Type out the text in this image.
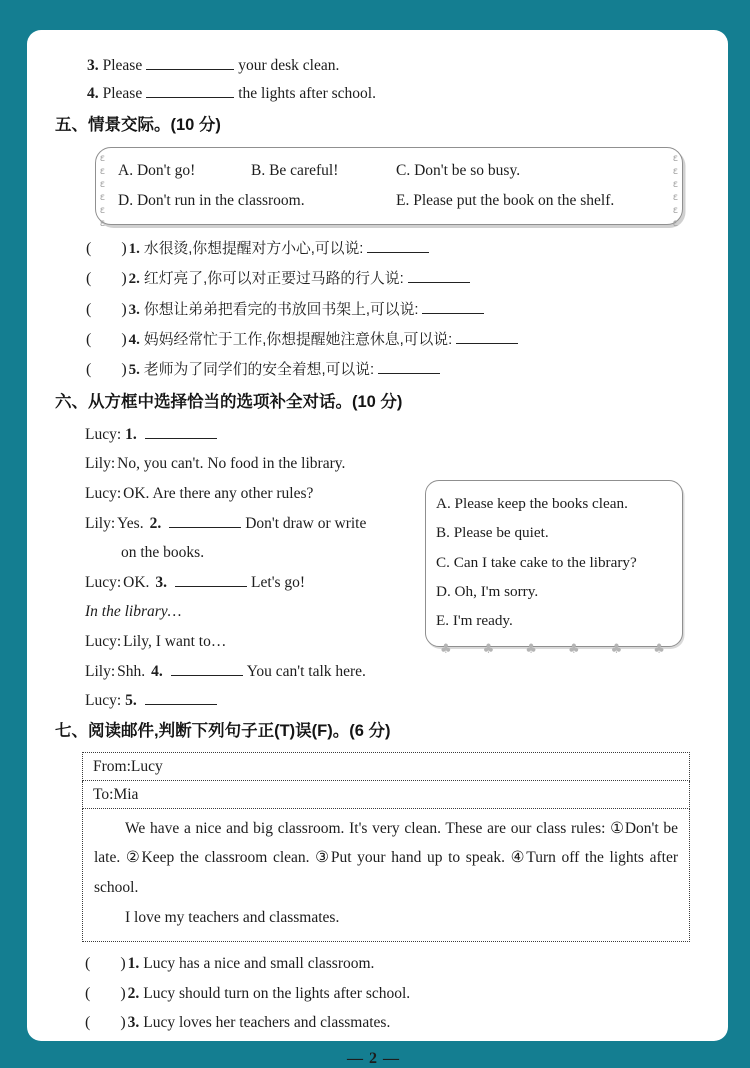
3. Please	your desk clean.
4. Please	the lights after school.
五、情景交际。(10 分)
εεεεεε	εεεεεε
A. Don't go!	B. Be careful!	C. Don't be so busy.
D. Don't run in the classroom.	E. Please put the book on the shelf.
( ) 1. 水很烫,你想提醒对方小心,可以说:
( ) 2. 红灯亮了,你可以对正要过马路的行人说:
( ) 3. 你想让弟弟把看完的书放回书架上,可以说:
( ) 4. 妈妈经常忙于工作,你想提醒她注意休息,可以说:
( ) 5. 老师为了同学们的安全着想,可以说:
六、从方框中选择恰当的选项补全对话。(10 分)
Lucy: 1.
Lily: No, you can't. No food in the library.
Lucy: OK. Are there any other rules?
Lily: Yes. 2.	Don't draw or write
on the books.
Lucy: OK. 3.	Let's go!
In the library…
Lucy: Lily, I want to…
Lily: Shh. 4.	You can't talk here.
Lucy: 5.
A. Please keep the books clean.
B. Please be quiet.
C. Can I take cake to the library?
D. Oh, I'm sorry.
E. I'm ready.
♣♣♣♣♣♣
七、阅读邮件,判断下列句子正(T)误(F)。(6 分)
From:Lucy
To:Mia

We have a nice and big classroom. It's very clean. These are our class rules: ①Don't be late. ②Keep the classroom clean. ③Put your hand up to speak. ④Turn off the lights after school.

I love my teachers and classmates.

( ) 1. Lucy has a nice and small classroom.
( ) 2. Lucy should turn on the lights after school.
( ) 3. Lucy loves her teachers and classmates.
— 2 —
